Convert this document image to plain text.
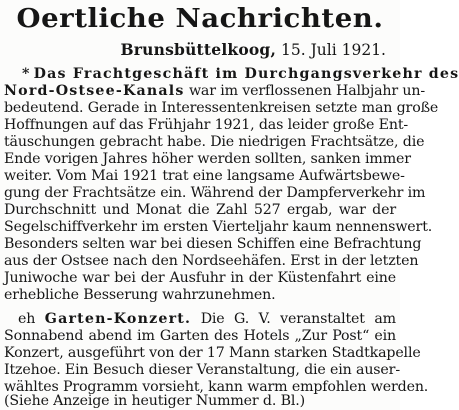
Oertliche Nachrichten.
Brunsbüttelkoog, 15. Juli 1921.
* Das Frachtgeschäft im Durchgangsverkehr des
Nord-Ostsee-Kanals war im verflossenen Halbjahr un-
bedeutend. Gerade in Interessentenkreisen setzte man große
Hoffnungen auf das Frühjahr 1921, das leider große Ent-
täuschungen gebracht habe. Die niedrigen Frachtsätze, die
Ende vorigen Jahres höher werden sollten, sanken immer
weiter. Vom Mai 1921 trat eine langsame Aufwärtsbewe-
gung der Frachtsätze ein. Während der Dampferverkehr im
Durchschnitt und Monat die Zahl 527 ergab, war der
Segelschiffverkehr im ersten Vierteljahr kaum nennenswert.
Besonders selten war bei diesen Schiffen eine Befrachtung
aus der Ostsee nach den Nordseehäfen. Erst in der letzten
Juniwoche war bei der Ausfuhr in der Küstenfahrt eine
erhebliche Besserung wahrzunehmen.
eh Garten-Konzert. Die G. V. veranstaltet am
Sonnabend abend im Garten des Hotels „Zur Post“ ein
Konzert, ausgeführt von der 17 Mann starken Stadtkapelle
Itzehoe. Ein Besuch dieser Veranstaltung, die ein auser-
wähltes Programm vorsieht, kann warm empfohlen werden.
(Siehe Anzeige in heutiger Nummer d. Bl.)
